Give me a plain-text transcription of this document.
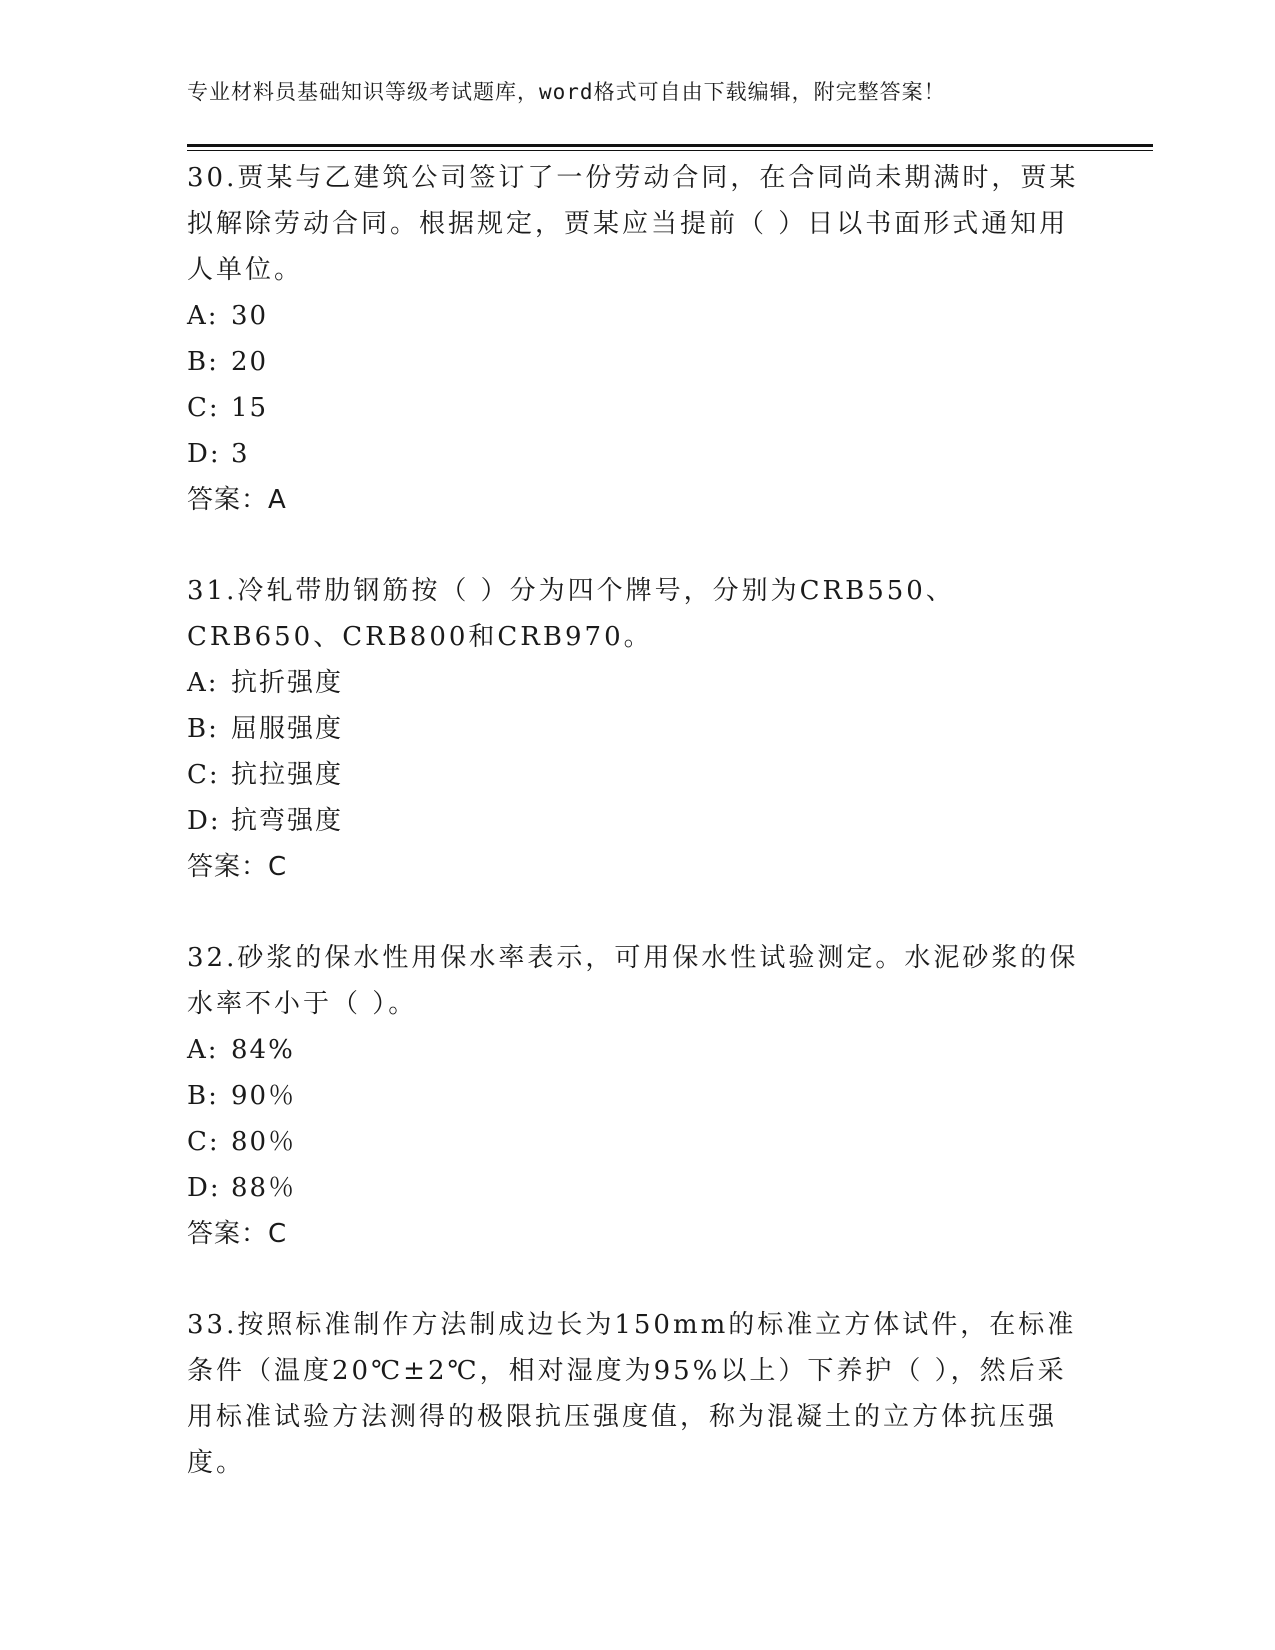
专业材料员基础知识等级考试题库，word格式可自由下载编辑，附完整答案！

30.贾某与乙建筑公司签订了一份劳动合同，在合同尚未期满时，贾某拟解除劳动合同。根据规定，贾某应当提前（ ）日以书面形式通知用人单位。

A: 30

B: 20

C: 15

D: 3

答案：A

31.冷轧带肋钢筋按（ ）分为四个牌号，分别为CRB550、CRB650、CRB800和CRB970。

A: 抗折强度

B: 屈服强度

C: 抗拉强度

D: 抗弯强度

答案：C

32.砂浆的保水性用保水率表示，可用保水性试验测定。水泥砂浆的保水率不小于（ ）。

A: 84%

B: 90％

C: 80％

D: 88％

答案：C

33.按照标准制作方法制成边长为150mm的标准立方体试件，在标准条件（温度20℃±2℃，相对湿度为95%以上）下养护（ ），然后采用标准试验方法测得的极限抗压强度值，称为混凝土的立方体抗压强度。
